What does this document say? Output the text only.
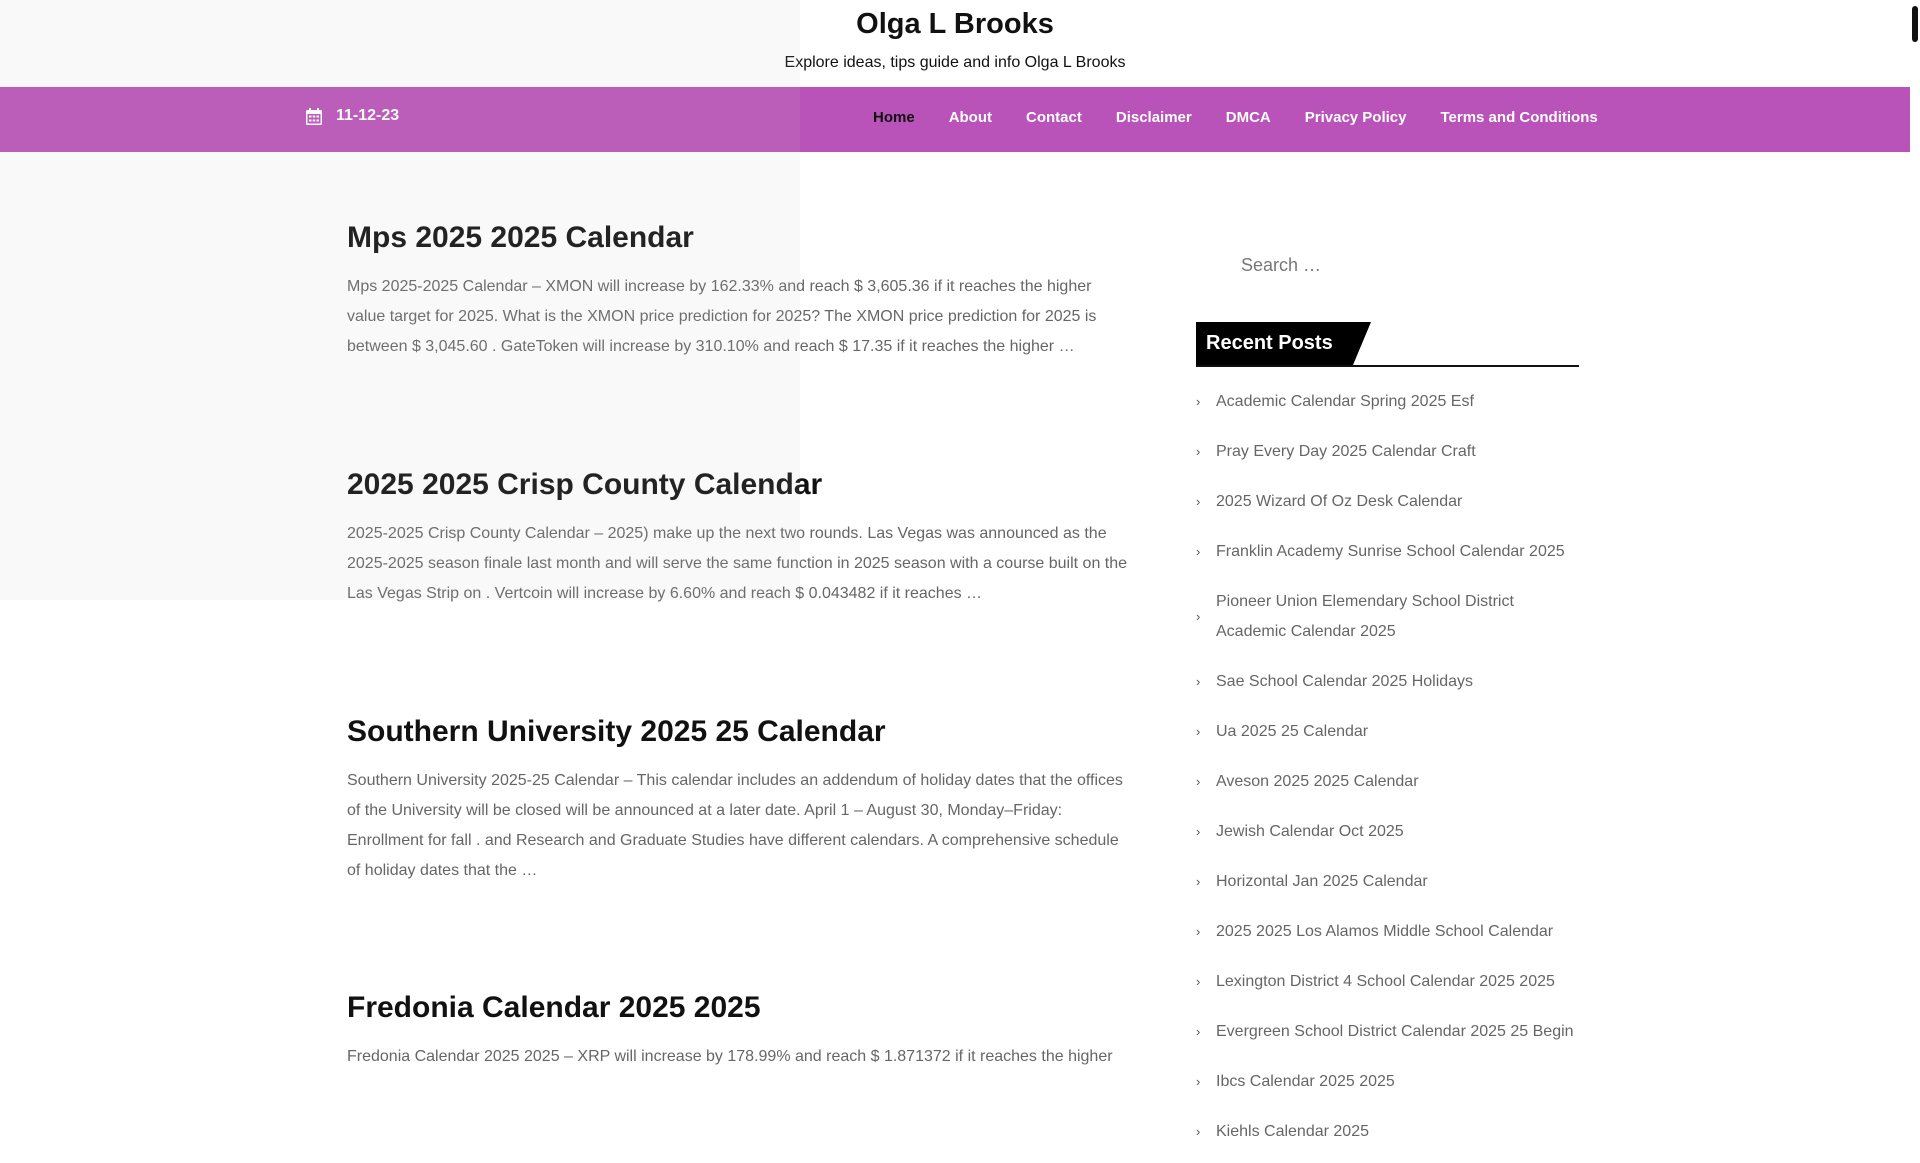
Olga L Brooks
Explore ideas, tips guide and info Olga L Brooks
11-12-23	Home About Contact Disclaimer DMCA Privacy Policy Terms and Conditions
Mps 2025 2025 Calendar

Mps 2025-2025 Calendar – XMON will increase by 162.33% and reach $ 3,605.36 if it reaches the higher value target for 2025. What is the XMON price prediction for 2025? The XMON price prediction for 2025 is between $ 3,045.60 . GateToken will increase by 310.10% and reach $ 17.35 if it reaches the higher …

2025 2025 Crisp County Calendar

2025-2025 Crisp County Calendar – 2025) make up the next two rounds. Las Vegas was announced as the 2025-2025 season finale last month and will serve the same function in 2025 season with a course built on the Las Vegas Strip on . Vertcoin will increase by 6.60% and reach $ 0.043482 if it reaches …

Southern University 2025 25 Calendar

Southern University 2025-25 Calendar – This calendar includes an addendum of holiday dates that the offices of the University will be closed will be announced at a later date. April 1 – August 30, Monday–Friday: Enrollment for fall . and Research and Graduate Studies have different calendars. A comprehensive schedule of holiday dates that the …

Fredonia Calendar 2025 2025

Fredonia Calendar 2025 2025 – XRP will increase by 178.99% and reach $ 1.871372 if it reaches the higher

Search …
Recent Posts
› Academic Calendar Spring 2025 Esf
› Pray Every Day 2025 Calendar Craft
› 2025 Wizard Of Oz Desk Calendar
› Franklin Academy Sunrise School Calendar 2025
›
Pioneer Union Elemendary School District Academic Calendar 2025
› Sae School Calendar 2025 Holidays
› Ua 2025 25 Calendar
› Aveson 2025 2025 Calendar
› Jewish Calendar Oct 2025
› Horizontal Jan 2025 Calendar
› 2025 2025 Los Alamos Middle School Calendar
› Lexington District 4 School Calendar 2025 2025
› Evergreen School District Calendar 2025 25 Begin
› Ibcs Calendar 2025 2025
› Kiehls Calendar 2025
